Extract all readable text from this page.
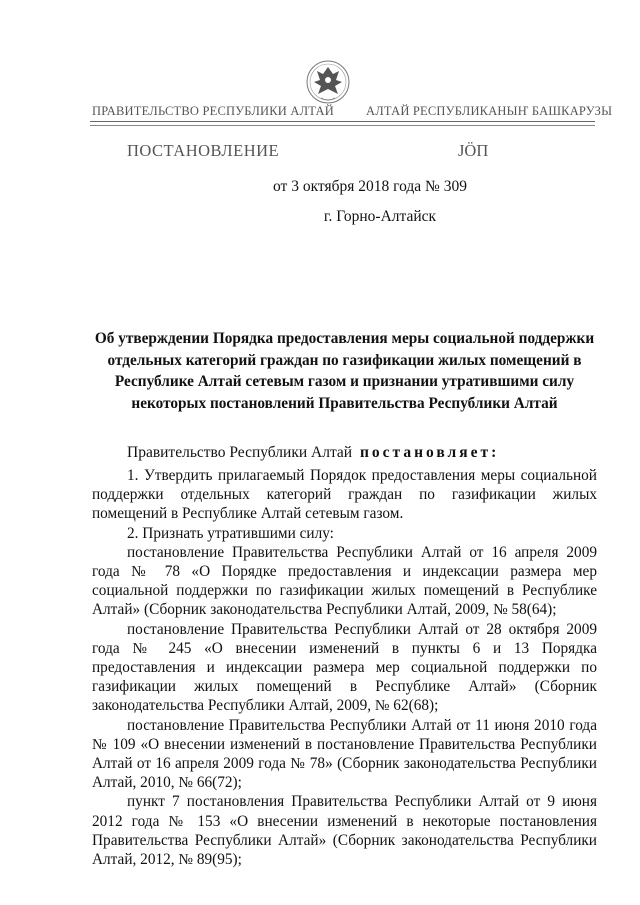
ПРАВИТЕЛЬСТВО РЕСПУБЛИКИ АЛТАЙ	АЛТАЙ РЕСПУБЛИКАНЫҤ БАШКАРУЗЫ
ПОСТАНОВЛЕНИЕ	JÖП
от 3 октября 2018 года № 309
г. Горно-Алтайск
Об утверждении Порядка предоставления меры социальной поддержки отдельных категорий граждан по газификации жилых помещений в Республике Алтай сетевым газом и признании утратившими силу некоторых постановлений Правительства Республики Алтай
Правительство Республики Алтай постановляет:

1. Утвердить прилагаемый Порядок предоставления меры социальной поддержки отдельных категорий граждан по газификации жилых помещений в Республике Алтай сетевым газом.

2. Признать утратившими силу:

постановление Правительства Республики Алтай от 16 апреля 2009 года № 78 «О Порядке предоставления и индексации размера мер социальной поддержки по газификации жилых помещений в Республике Алтай» (Сборник законодательства Республики Алтай, 2009, № 58(64);

постановление Правительства Республики Алтай от 28 октября 2009 года № 245 «О внесении изменений в пункты 6 и 13 Порядка предоставления и индексации размера мер социальной поддержки по газификации жилых помещений в Республике Алтай» (Сборник законодательства Республики Алтай, 2009, № 62(68);

постановление Правительства Республики Алтай от 11 июня 2010 года № 109 «О внесении изменений в постановление Правительства Республики Алтай от 16 апреля 2009 года № 78» (Сборник законодательства Республики Алтай, 2010, № 66(72);

пункт 7 постановления Правительства Республики Алтай от 9 июня 2012 года № 153 «О внесении изменений в некоторые постановления Правительства Республики Алтай» (Сборник законодательства Республики Алтай, 2012, № 89(95);
